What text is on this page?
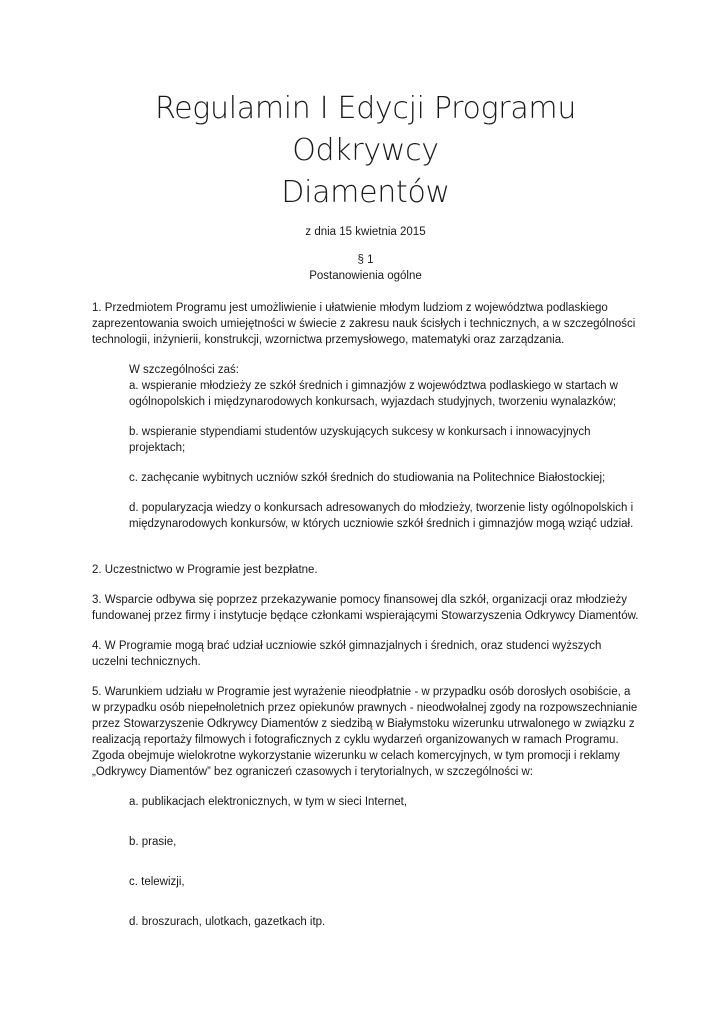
Regulamin I Edycji Programu Odkrywcy
Diamentów

z dnia 15 kwietnia 2015

§ 1

Postanowienia ogólne

1. Przedmiotem Programu jest umożliwienie i ułatwienie młodym ludziom z województwa podlaskiego zaprezentowania swoich umiejętności w świecie z zakresu nauk ścisłych i technicznych, a w szczególności technologii, inżynierii, konstrukcji, wzornictwa przemysłowego, matematyki oraz zarządzania.

W szczególności zaś:

a. wspieranie młodzieży ze szkół średnich i gimnazjów z województwa podlaskiego w startach w ogólnopolskich i międzynarodowych konkursach, wyjazdach studyjnych, tworzeniu wynalazków;

b. wspieranie stypendiami studentów uzyskujących sukcesy w konkursach i innowacyjnych projektach;

c. zachęcanie wybitnych uczniów szkół średnich do studiowania na Politechnice Białostockiej;

d. popularyzacja wiedzy o konkursach adresowanych do młodzieży, tworzenie listy ogólnopolskich i międzynarodowych konkursów, w których uczniowie szkół średnich i gimnazjów mogą wziąć udział.

2. Uczestnictwo w Programie jest bezpłatne.

3. Wsparcie odbywa się poprzez przekazywanie pomocy finansowej dla szkół, organizacji oraz młodzieży fundowanej przez firmy i instytucje będące członkami wspierającymi Stowarzyszenia Odkrywcy Diamentów.

4. W Programie mogą brać udział uczniowie szkół gimnazjalnych i średnich, oraz studenci wyższych uczelni technicznych.

5. Warunkiem udziału w Programie jest wyrażenie nieodpłatnie - w przypadku osób dorosłych osobiście, a w przypadku osób niepełnoletnich przez opiekunów prawnych - nieodwołalnej zgody na rozpowszechnianie przez Stowarzyszenie Odkrywcy Diamentów z siedzibą w Białymstoku wizerunku utrwalonego w związku z realizacją reportaży filmowych i fotograficznych z cyklu wydarzeń organizowanych w ramach Programu. Zgoda obejmuje wielokrotne wykorzystanie wizerunku w celach komercyjnych, w tym promocji i reklamy „Odkrywcy Diamentów” bez ograniczeń czasowych i terytorialnych, w szczególności w:

a. publikacjach elektronicznych, w tym w sieci Internet,

b. prasie,

c. telewizji,

d. broszurach, ulotkach, gazetkach itp.
